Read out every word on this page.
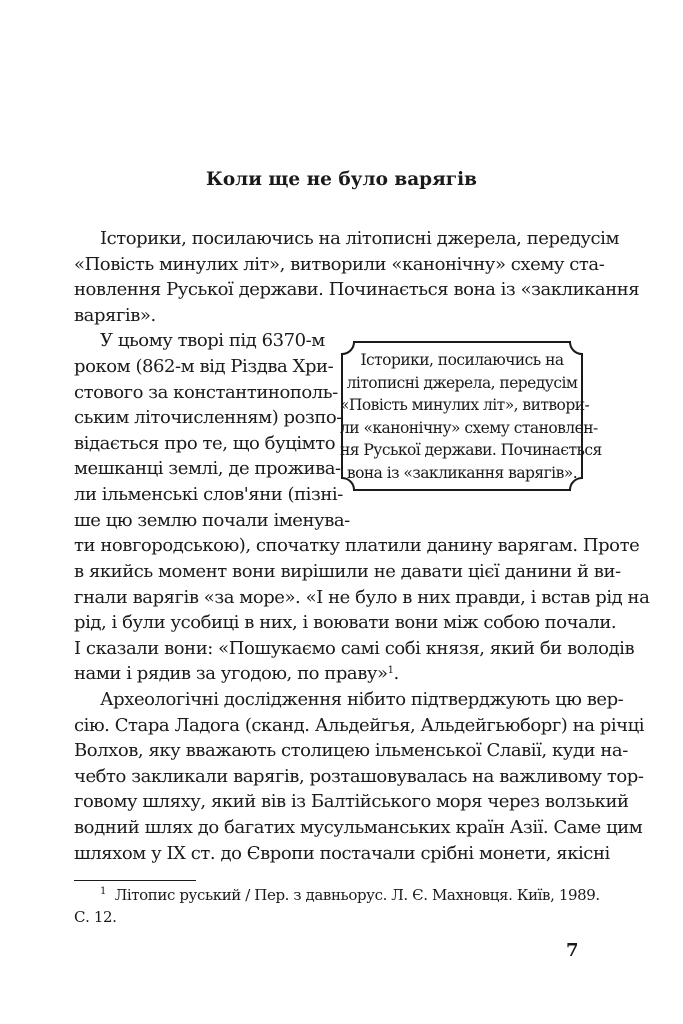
Коли ще не було варягів
Історики, посилаючись на літописні джерела, передусім
«Повість минулих літ», витворили «канонічну» схему ста-
новлення Руської держави. Починається вона із «закликання
варягів».
У цьому творі під 6370-м
роком (862-м від Різдва Хри-
стового за константинополь-
ським літочисленням) розпо-
відається про те, що буцімто
мешканці землі, де прожива-
ли ільменські слов'яни (пізні-
ше цю землю почали іменува-
ти новгородською), спочатку платили данину варягам. Проте
в якийсь момент вони вирішили не давати цієї данини й ви-
гнали варягів «за море». «І не було в них правди, і встав рід на
рід, і були усобиці в них, і воювати вони між собою почали.
І сказали вони: «Пошукаємо самі собі князя, який би володів
нами і рядив за угодою, по праву»$^1$.
Археологічні дослідження нібито підтверджують цю вер-
сію. Стара Ладога (сканд. Альдейгья, Альдейгьюборг) на річці
Волхов, яку вважають столицею ільменської Славії, куди на-
чебто закликали варягів, розташовувалась на важливому тор-
говому шляху, який вів із Балтійського моря через волзький
водний шлях до багатих мусульманських країн Азії. Саме цим
шляхом у IX ст. до Європи постачали срібні монети, якісні
Історики, посилаючись на
літописні джерела, передусім
«Повість минулих літ», витвори-
ли «канонічну» схему становлен-
ня Руської держави. Починається
вона із «закликання варягів».
$^1$ Літопис руський / Пер. з давньорус. Л. Є. Махновця. Київ, 1989.
С. 12.
7
